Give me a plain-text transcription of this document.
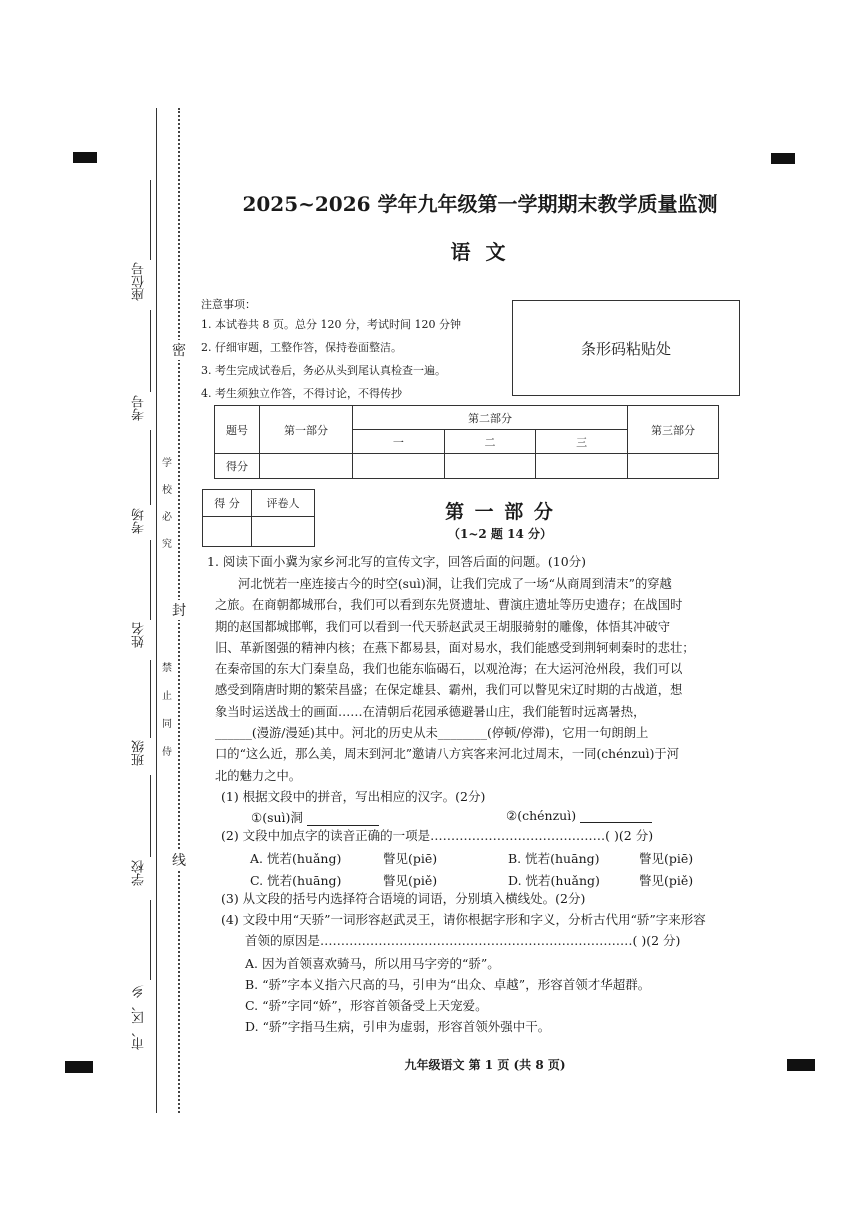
座位号
考号
考场
姓名
班级
学校
市、区、乡
密
封
线
学
校
必
究
禁
止
同
侍
2025~2026 学年九年级第一学期期末教学质量监测
语 文
注意事项：
1. 本试卷共 8 页。总分 120 分，考试时间 120 分钟
2. 仔细审题，工整作答，保持卷面整洁。
3. 考生完成试卷后，务必从头到尾认真检查一遍。
4. 考生须独立作答，不得讨论，不得传抄
条形码粘贴处
题号	第一部分	第二部分			第三部分
		一	二	三	
得分					
得 分	评卷人
		第 一 部 分
（1~2 题 14 分）
1. 阅读下面小冀为家乡河北写的宣传文字，回答后面的问题。(10分)
河北恍若一座连接古今的时空(suì)洞，让我们完成了一场“从商周到清末”的穿越
之旅。在商朝都城邢台，我们可以看到东先贤遗址、曹演庄遗址等历史遗存；在战国时
期的赵国都城邯郸，我们可以看到一代天骄赵武灵王胡服骑射的雕像，体悟其冲破守
旧、革新图强的精神内核；在燕下都易县，面对易水，我们能感受到荆轲刺秦时的悲壮；
在秦帝国的东大门秦皇岛，我们也能东临碣石，以观沧海；在大运河沧州段，我们可以
感受到隋唐时期的繁荣昌盛；在保定雄县、霸州，我们可以瞥见宋辽时期的古战道，想
象当时运送战士的画面……在清朝后花园承德避暑山庄，我们能暂时远离暑热，
______(漫游/漫延)其中。河北的历史从未________(停顿/停滞)，它用一句朗朗上
口的“这么近，那么美，周末到河北”邀请八方宾客来河北过周末，一同(chénzuì)于河
北的魅力之中。
(1) 根据文段中的拼音，写出相应的汉字。(2分)
①(suì)洞	②(chénzuì)
(2) 文段中加点字的读音正确的一项是……………………………………( )(2 分)
A. 恍若(huǎng)	瞥见(piē)	B. 恍若(huāng)	瞥见(piē)
C. 恍若(huāng)	瞥见(piě)	D. 恍若(huǎng)	瞥见(piě)
(3) 从文段的括号内选择符合语境的词语，分别填入横线处。(2分)
(4) 文段中用“天骄”一词形容赵武灵王，请你根据字形和字义，分析古代用“骄”字来形容
首领的原因是…………………………………………………………………( )(2 分)
A. 因为首领喜欢骑马，所以用马字旁的“骄”。
B. “骄”字本义指六尺高的马，引申为“出众、卓越”，形容首领才华超群。
C. “骄”字同“娇”，形容首领备受上天宠爱。
D. “骄”字指马生病，引申为虚弱，形容首领外强中干。
九年级语文 第 1 页 (共 8 页)
